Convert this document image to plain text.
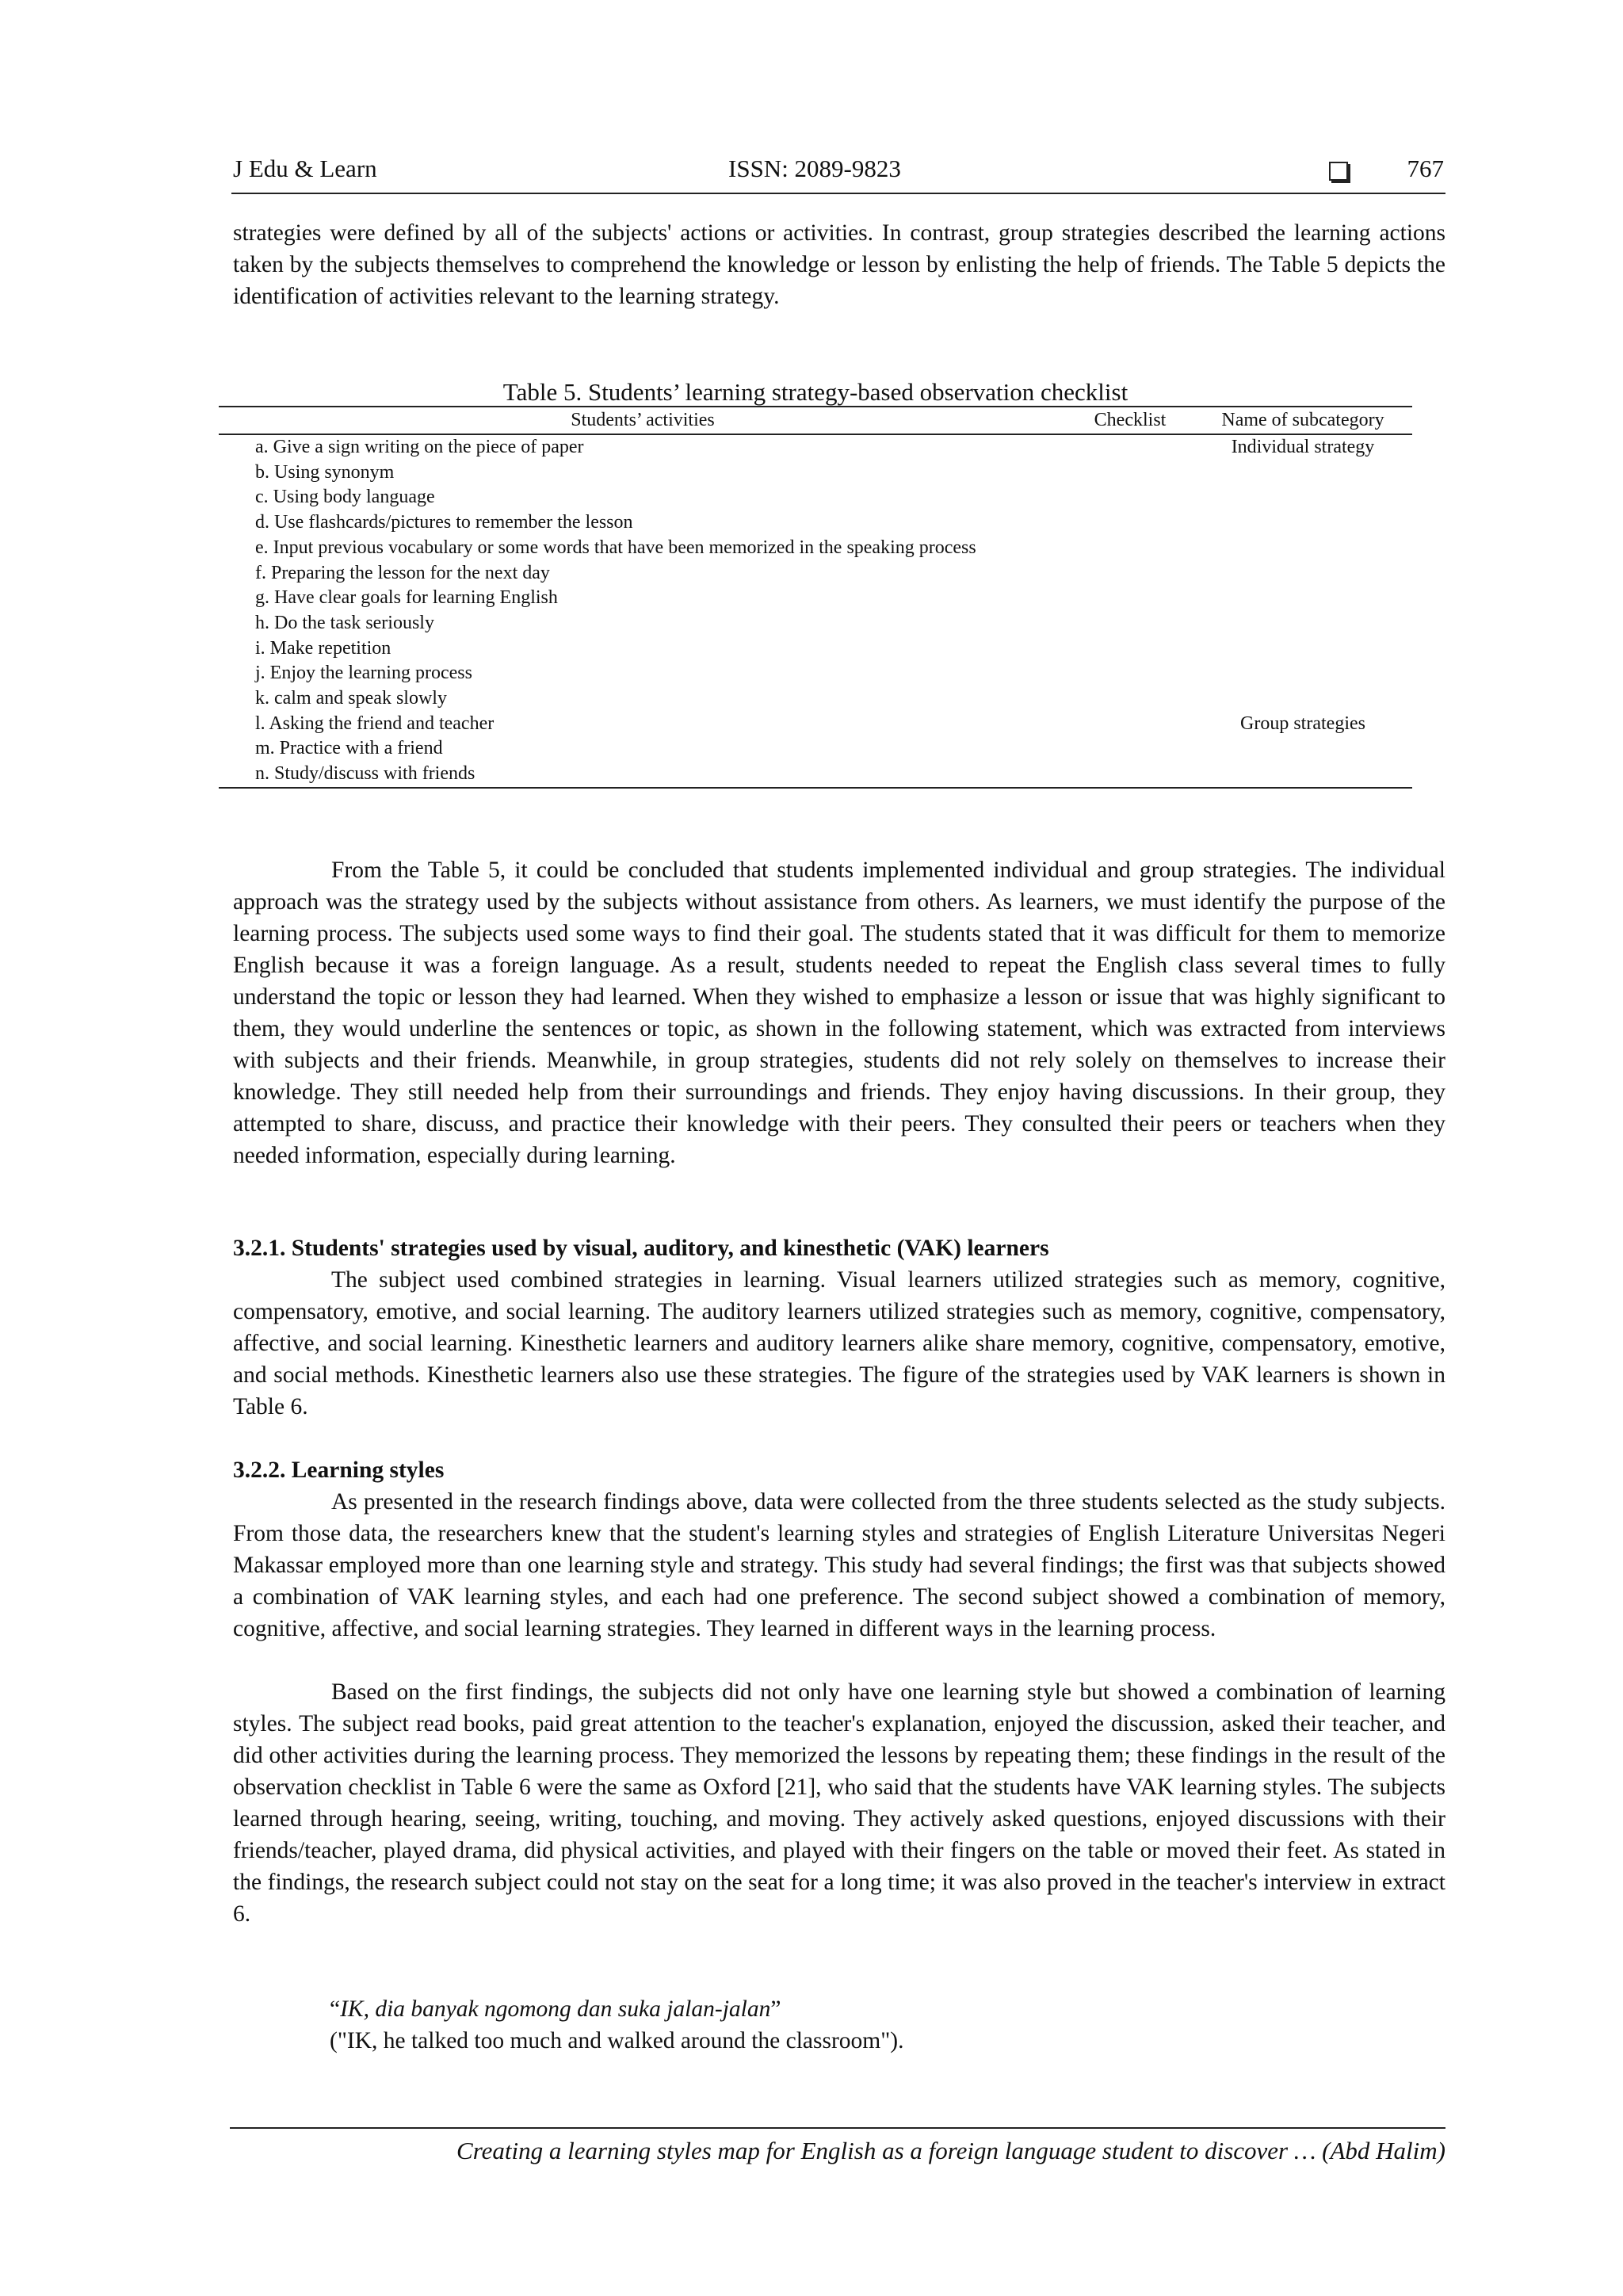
J Edu & Learn	ISSN: 2089-9823	767

strategies were defined by all of the subjects' actions or activities. In contrast, group strategies described the learning actions taken by the subjects themselves to comprehend the knowledge or lesson by enlisting the help of friends. The Table 5 depicts the identification of activities relevant to the learning strategy.

Table 5. Students’ learning strategy-based observation checklist
Students’ activities	Checklist	Name of subcategory
a. Give a sign writing on the piece of paper		Individual strategy
b. Using synonym		
c. Using body language		
d. Use flashcards/pictures to remember the lesson		
e. Input previous vocabulary or some words that have been memorized in the speaking process		
f. Preparing the lesson for the next day		
g. Have clear goals for learning English		
h. Do the task seriously		
i. Make repetition		
j. Enjoy the learning process		
k. calm and speak slowly		
l. Asking the friend and teacher		Group strategies
m. Practice with a friend		
n. Study/discuss with friends		

From the Table 5, it could be concluded that students implemented individual and group strategies. The individual approach was the strategy used by the subjects without assistance from others. As learners, we must identify the purpose of the learning process. The subjects used some ways to find their goal. The students stated that it was difficult for them to memorize English because it was a foreign language. As a result, students needed to repeat the English class several times to fully understand the topic or lesson they had learned. When they wished to emphasize a lesson or issue that was highly significant to them, they would underline the sentences or topic, as shown in the following statement, which was extracted from interviews with subjects and their friends. Meanwhile, in group strategies, students did not rely solely on themselves to increase their knowledge. They still needed help from their surroundings and friends. They enjoy having discussions. In their group, they attempted to share, discuss, and practice their knowledge with their peers. They consulted their peers or teachers when they needed information, especially during learning.

3.2.1. Students' strategies used by visual, auditory, and kinesthetic (VAK) learners

The subject used combined strategies in learning. Visual learners utilized strategies such as memory, cognitive, compensatory, emotive, and social learning. The auditory learners utilized strategies such as memory, cognitive, compensatory, affective, and social learning. Kinesthetic learners and auditory learners alike share memory, cognitive, compensatory, emotive, and social methods. Kinesthetic learners also use these strategies. The figure of the strategies used by VAK learners is shown in Table 6.

3.2.2. Learning styles

As presented in the research findings above, data were collected from the three students selected as the study subjects. From those data, the researchers knew that the student's learning styles and strategies of English Literature Universitas Negeri Makassar employed more than one learning style and strategy. This study had several findings; the first was that subjects showed a combination of VAK learning styles, and each had one preference. The second subject showed a combination of memory, cognitive, affective, and social learning strategies. They learned in different ways in the learning process.

Based on the first findings, the subjects did not only have one learning style but showed a combination of learning styles. The subject read books, paid great attention to the teacher's explanation, enjoyed the discussion, asked their teacher, and did other activities during the learning process. They memorized the lessons by repeating them; these findings in the result of the observation checklist in Table 6 were the same as Oxford [21], who said that the students have VAK learning styles. The subjects learned through hearing, seeing, writing, touching, and moving. They actively asked questions, enjoyed discussions with their friends/teacher, played drama, did physical activities, and played with their fingers on the table or moved their feet. As stated in the findings, the research subject could not stay on the seat for a long time; it was also proved in the teacher's interview in extract 6.

“IK, dia banyak ngomong dan suka jalan-jalan”
("IK, he talked too much and walked around the classroom").
Creating a learning styles map for English as a foreign language student to discover … (Abd Halim)
